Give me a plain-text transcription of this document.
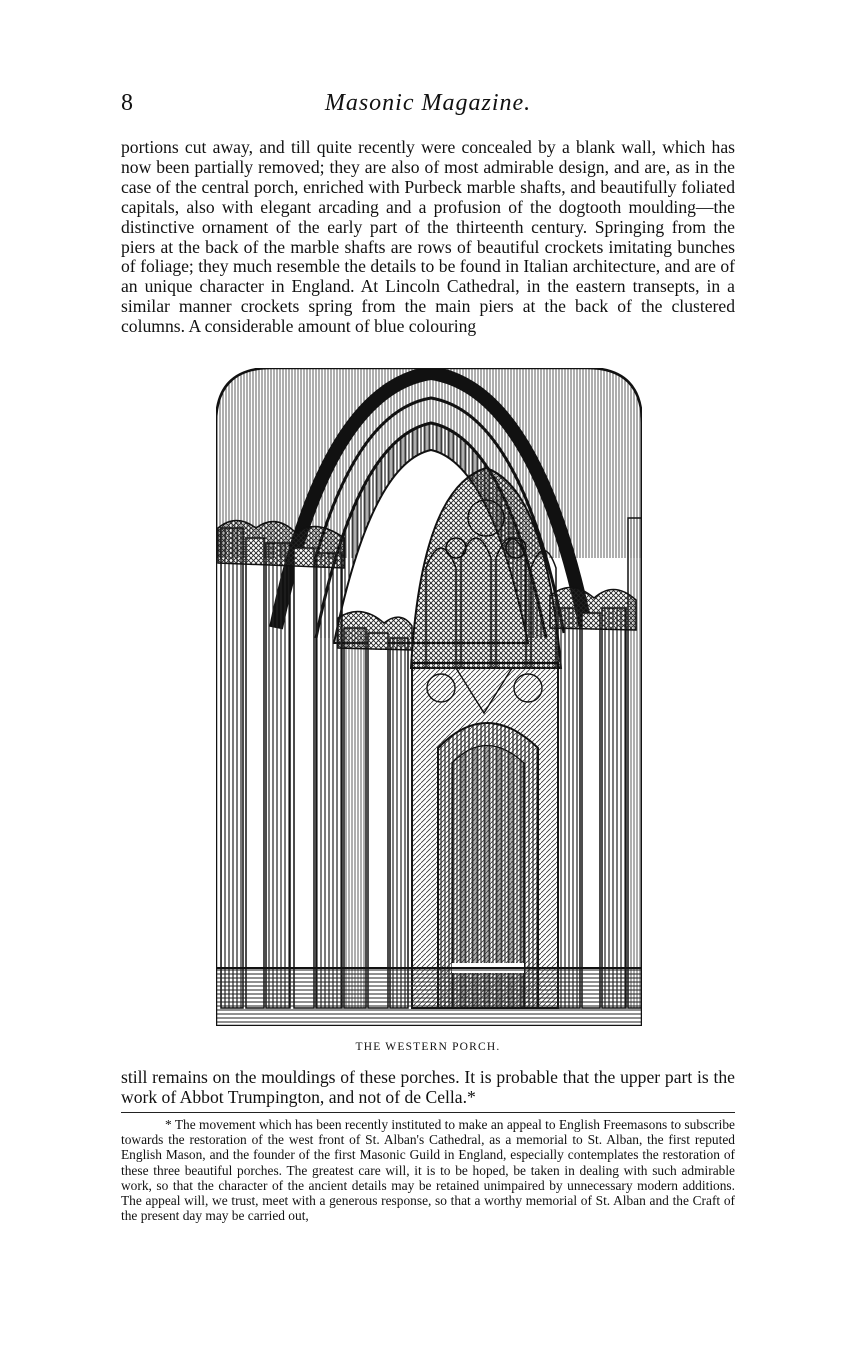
8	Masonic Magazine.

portions cut away, and till quite recently were concealed by a blank wall, which has now been partially removed; they are also of most admirable design, and are, as in the case of the central porch, enriched with Purbeck marble shafts, and beautifully foliated capitals, also with elegant arcading and a profusion of the dogtooth moulding—the distinctive ornament of the early part of the thirteenth century. Springing from the piers at the back of the marble shafts are rows of beautiful crockets imitating bunches of foliage; they much resemble the details to be found in Italian architecture, and are of an unique character in England. At Lincoln Cathedral, in the eastern transepts, in a similar manner crockets spring from the main piers at the back of the clustered columns. A considerable amount of blue colouring

THE WESTERN PORCH.

still remains on the mouldings of these porches. It is probable that the upper part is the work of Abbot Trumpington, and not of de Cella.*

* The movement which has been recently instituted to make an appeal to English Freemasons to subscribe towards the restoration of the west front of St. Alban's Cathedral, as a memorial to St. Alban, the first reputed English Mason, and the founder of the first Masonic Guild in England, especially contemplates the restoration of these three beautiful porches. The greatest care will, it is to be hoped, be taken in dealing with such admirable work, so that the character of the ancient details may be retained unimpaired by unnecessary modern additions. The appeal will, we trust, meet with a generous response, so that a worthy memorial of St. Alban and the Craft of the present day may be carried out,
